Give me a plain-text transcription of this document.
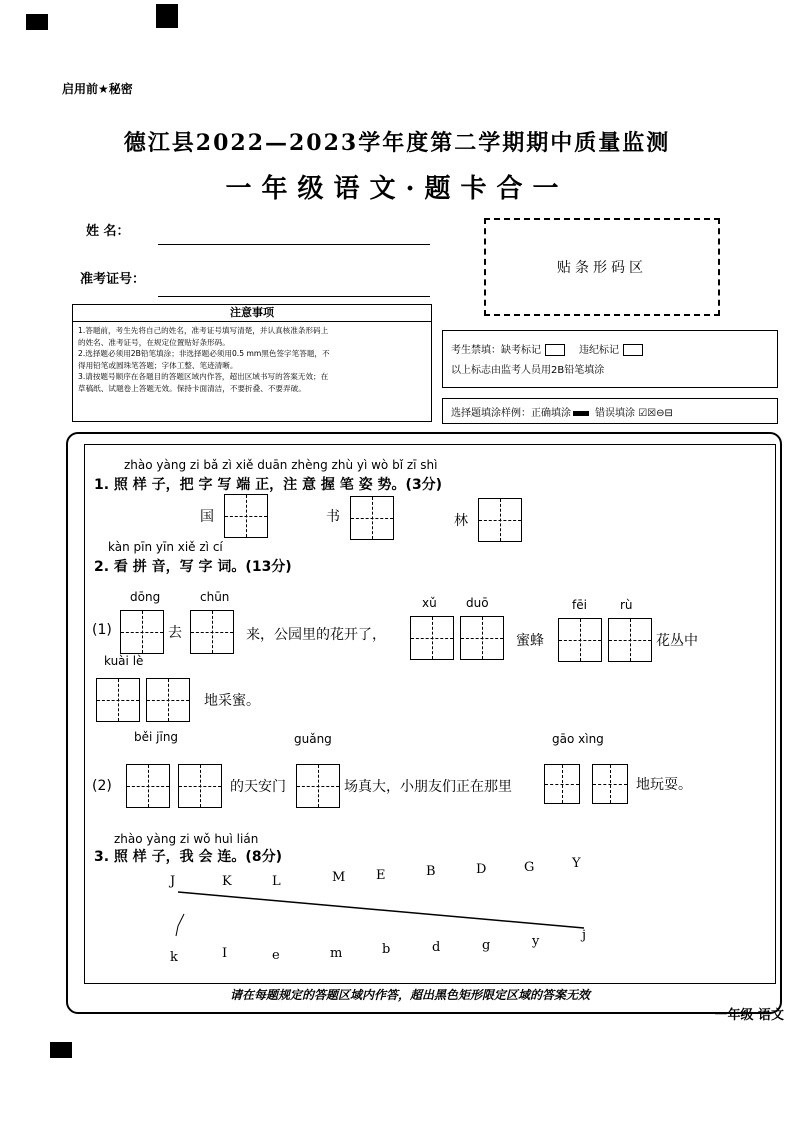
启用前★秘密
德江县2022—2023学年度第二学期期中质量监测
一年级语文·题卡合一
姓 名：
准考证号：
贴条形码区
注意事项
1.答题前，考生先将自己的姓名，准考证号填写清楚，并认真核准条形码上
的姓名、准考证号，在规定位置贴好条形码。
2.选择题必须用2B铅笔填涂；非选择题必须用0.5 mm黑色签字笔答题，不
得用铅笔或圆珠笔答题；字体工整、笔迹清晰。
3.请按题号顺序在各题目的答题区域内作答，超出区域书写的答案无效；在
草稿纸、试题卷上答题无效。保持卡面清洁，不要折叠、不要弄破。
考生禁填：缺考标记	违纪标记
以上标志由监考人员用2B铅笔填涂
选择题填涂样例：正确填涂 错误填涂 ☑☒⊖⊟
zhào yàng zi bǎ zì xiě duān zhèng zhù yì wò bǐ zī shì
1. 照 样 子，把 字 写 端 正，注 意 握 笔 姿 势。(3分)
国	书	林
kàn pīn yīn xiě zì cí
2. 看 拼 音，写 字 词。(13分)
dōng	chūn	xǔ duō	fēi	rù
(1)	去	来，公园里的花开了，	蜜蜂	花丛中
kuài lè
地采蜜。
běi jīng	guǎng	gāo xìng
(2)	的天安门	场真大，小朋友们正在那里	地玩耍。
zhào yàng zi wǒ huì lián
3. 照 样 子，我 会 连。(8分)
J	K	L	M E	B	D	G	Y
k	I	e	m	b	d	g	y	j
请在每题规定的答题区域内作答，超出黑色矩形限定区域的答案无效
一年级 语文
